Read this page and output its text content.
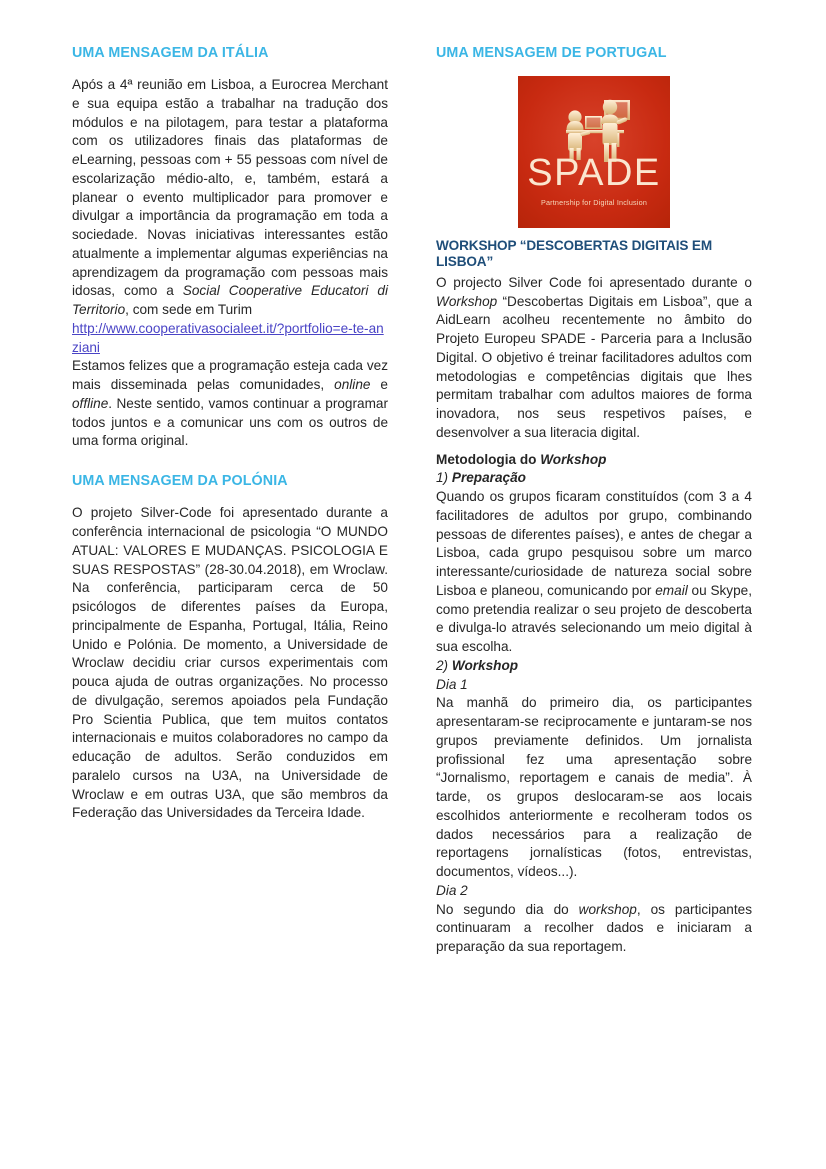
UMA MENSAGEM DA ITÁLIA

Após a 4ª reunião em Lisboa, a Eurocrea Merchant e sua equipa estão a trabalhar na tradução dos módulos e na pilotagem, para testar a plataforma com os utilizadores finais das plataformas de eLearning, pessoas com + 55 pessoas com nível de escolarização médio-alto, e, também, estará a planear o evento multiplicador para promover e divulgar a importância da programação em toda a sociedade. Novas iniciativas interessantes estão atualmente a implementar algumas experiências na aprendizagem da programação com pessoas mais idosas, como a Social Cooperative Educatori di Territorio, com sede em Turim

http://www.cooperativasocialeet.it/?portfolio=e-te-anziani

Estamos felizes que a programação esteja cada vez mais disseminada pelas comunidades, online e offline. Neste sentido, vamos continuar a programar todos juntos e a comunicar uns com os outros de uma forma original.

UMA MENSAGEM DA POLÓNIA

O projeto Silver-Code foi apresentado durante a conferência internacional de psicologia “O MUNDO ATUAL: VALORES E MUDANÇAS. PSICOLOGIA E SUAS RESPOSTAS” (28-30.04.2018), em Wroclaw. Na conferência, participaram cerca de 50 psicólogos de diferentes países da Europa, principalmente de Espanha, Portugal, Itália, Reino Unido e Polónia. De momento, a Universidade de Wroclaw decidiu criar cursos experimentais com pouca ajuda de outras organizações. No processo de divulgação, seremos apoiados pela Fundação Pro Scientia Publica, que tem muitos contatos internacionais e muitos colaboradores no campo da educação de adultos. Serão conduzidos em paralelo cursos na U3A, na Universidade de Wroclaw e em outras U3A, que são membros da Federação das Universidades da Terceira Idade.

UMA MENSAGEM DE PORTUGAL
SPADE
Partnership for Digital Inclusion
WORKSHOP “DESCOBERTAS DIGITAIS EM LISBOA”

O projecto Silver Code foi apresentado durante o Workshop “Descobertas Digitais em Lisboa”, que a AidLearn acolheu recentemente no âmbito do Projeto Europeu SPADE - Parceria para a Inclusão Digital. O objetivo é treinar facilitadores adultos com metodologias e competências digitais que lhes permitam trabalhar com adultos maiores de forma inovadora, nos seus respetivos países, e desenvolver a sua literacia digital.

Metodologia do Workshop

1) Preparação

Quando os grupos ficaram constituídos (com 3 a 4 facilitadores de adultos por grupo, combinando pessoas de diferentes países), e antes de chegar a Lisboa, cada grupo pesquisou sobre um marco interessante/curiosidade de natureza social sobre Lisboa e planeou, comunicando por email ou Skype, como pretendia realizar o seu projeto de descoberta e divulga-lo através selecionando um meio digital à sua escolha.

2) Workshop

Dia 1

Na manhã do primeiro dia, os participantes apresentaram-se reciprocamente e juntaram-se nos grupos previamente definidos. Um jornalista profissional fez uma apresentação sobre “Jornalismo, reportagem e canais de media”. À tarde, os grupos deslocaram-se aos locais escolhidos anteriormente e recolheram todos os dados necessários para a realização de reportagens jornalísticas (fotos, entrevistas, documentos, vídeos...).

Dia 2

No segundo dia do workshop, os participantes continuaram a recolher dados e iniciaram a preparação da sua reportagem.
